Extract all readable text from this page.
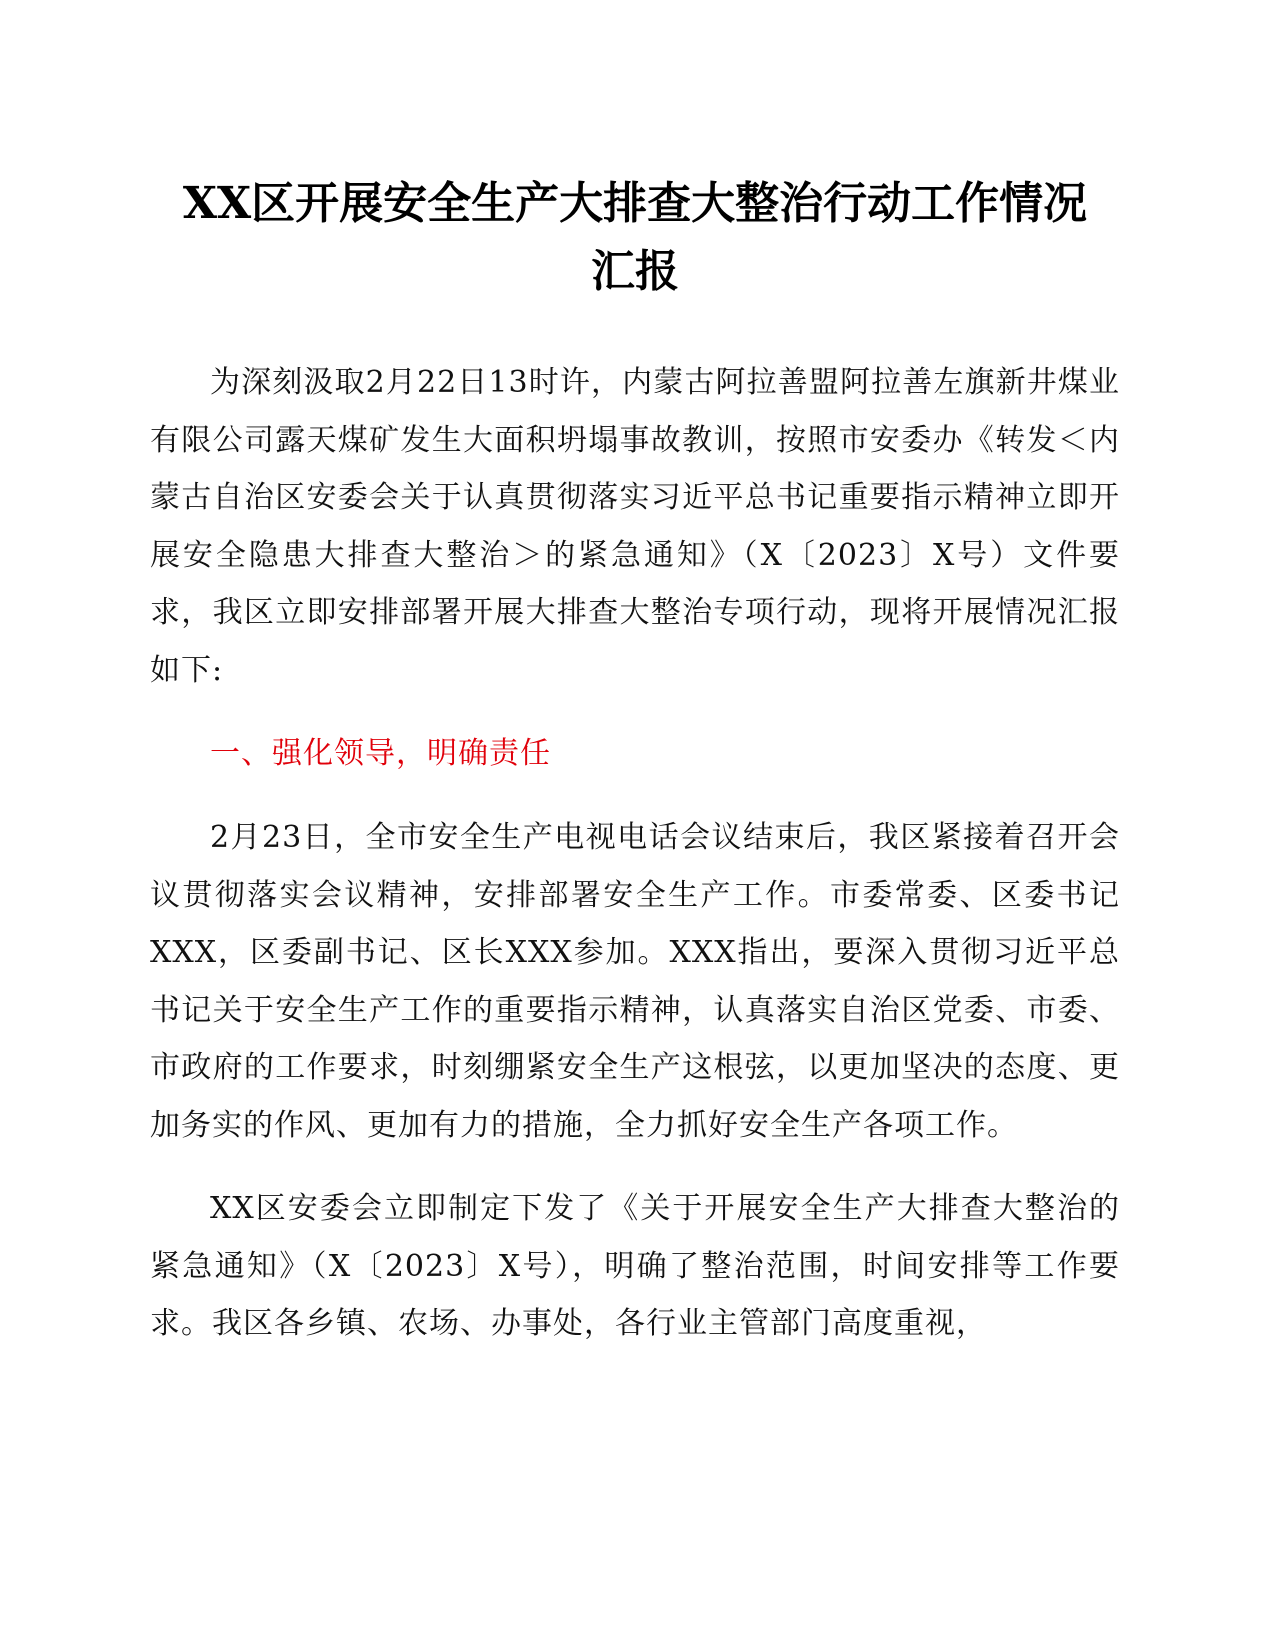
XX区开展安全生产大排查大整治行动工作情况
汇报

为深刻汲取2月22日13时许，内蒙古阿拉善盟阿拉善左旗新井煤业有限公司露天煤矿发生大面积坍塌事故教训，按照市安委办《转发＜内蒙古自治区安委会关于认真贯彻落实习近平总书记重要指示精神立即开展安全隐患大排查大整治＞的紧急通知》（X〔2023〕X号）文件要求，我区立即安排部署开展大排查大整治专项行动，现将开展情况汇报如下:

一、强化领导，明确责任

2月23日，全市安全生产电视电话会议结束后，我区紧接着召开会议贯彻落实会议精神，安排部署安全生产工作。市委常委、区委书记XXX，区委副书记、区长XXX参加。XXX指出，要深入贯彻习近平总书记关于安全生产工作的重要指示精神，认真落实自治区党委、市委、市政府的工作要求，时刻绷紧安全生产这根弦，以更加坚决的态度、更加务实的作风、更加有力的措施，全力抓好安全生产各项工作。

XX区安委会立即制定下发了《关于开展安全生产大排查大整治的紧急通知》（X〔2023〕X号），明确了整治范围，时间安排等工作要求。我区各乡镇、农场、办事处，各行业主管部门高度重视，
